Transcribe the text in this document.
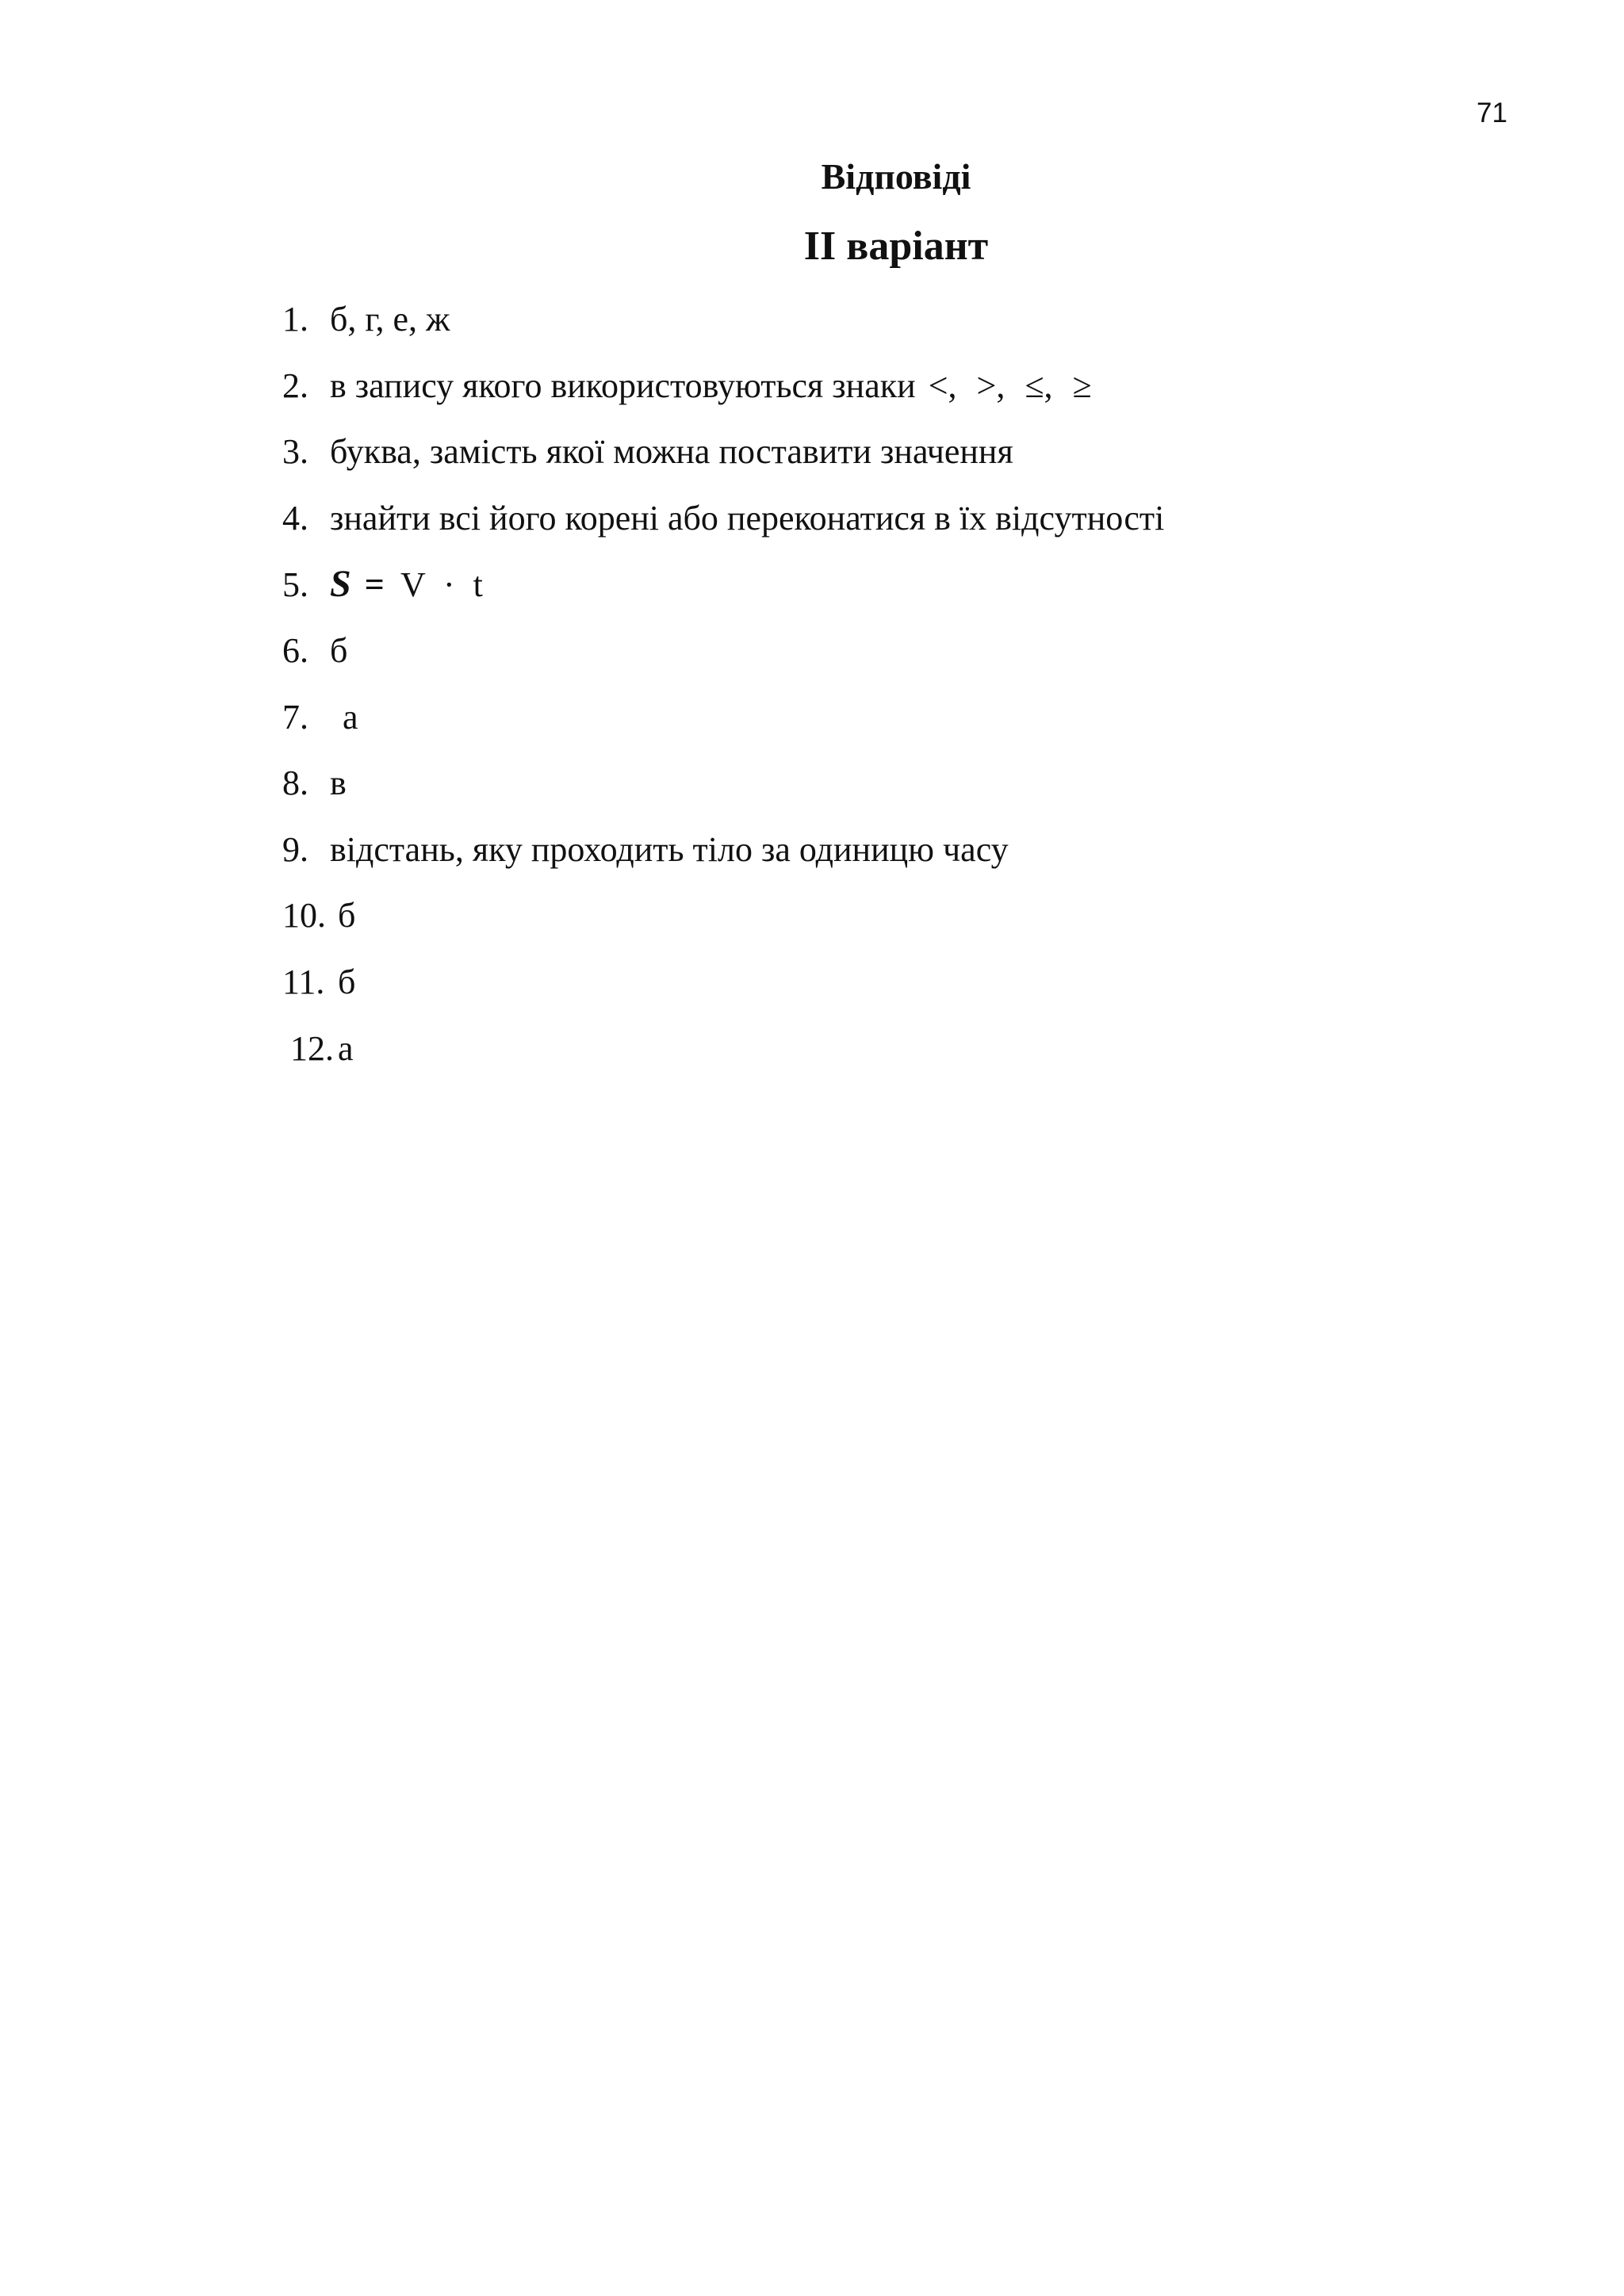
71
Відповіді
ІІ варіант
1. б, г, е, ж
2. в запису якого використовуються знаки <, >, ≤, ≥
3. буква, замість якої можна поставити значення
4. знайти всі його корені або переконатися в їх відсутності
5. S = V · t
6. б
7. а
8. в
9. відстань, яку проходить тіло за одиницю часу
10. б
11. б
12. а
